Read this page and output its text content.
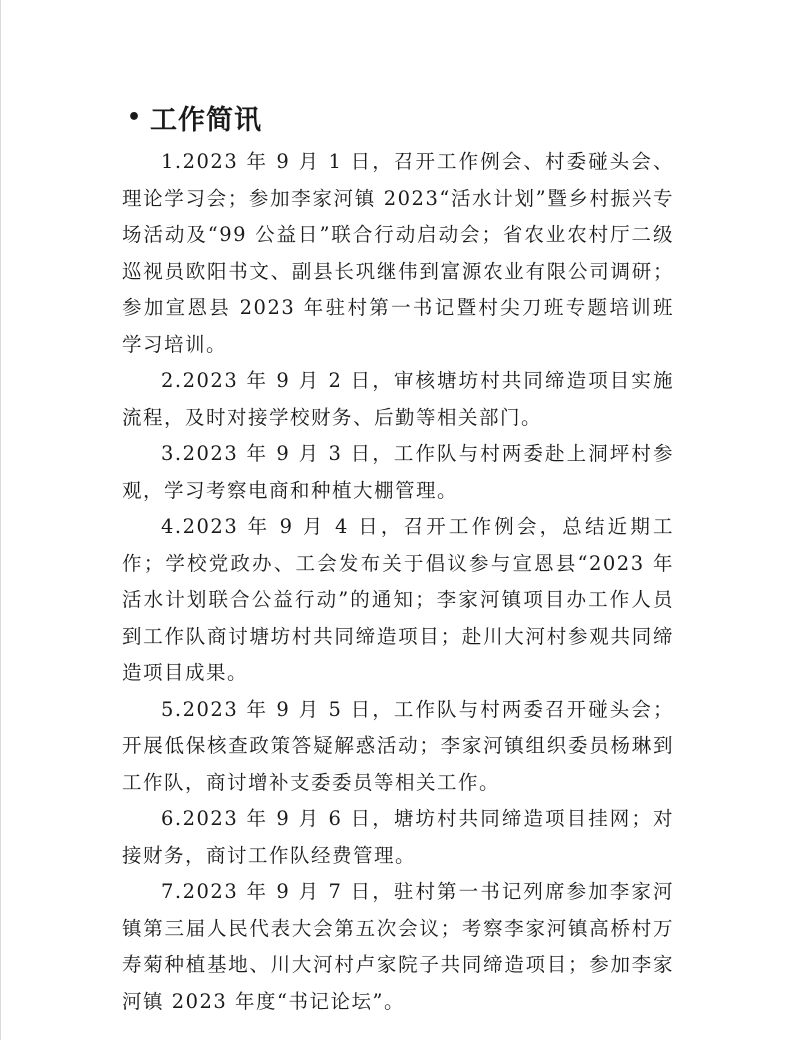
• 工作简讯

1.2023 年 9 月 1 日，召开工作例会、村委碰头会、理论学习会；参加李家河镇 2023“活水计划”暨乡村振兴专场活动及“99 公益日”联合行动启动会；省农业农村厅二级巡视员欧阳书文、副县长巩继伟到富源农业有限公司调研；参加宣恩县 2023 年驻村第一书记暨村尖刀班专题培训班学习培训。

2.2023 年 9 月 2 日，审核塘坊村共同缔造项目实施流程，及时对接学校财务、后勤等相关部门。

3.2023 年 9 月 3 日，工作队与村两委赴上洞坪村参观，学习考察电商和种植大棚管理。

4.2023 年 9 月 4 日，召开工作例会，总结近期工作；学校党政办、工会发布关于倡议参与宣恩县“2023 年活水计划联合公益行动”的通知；李家河镇项目办工作人员到工作队商讨塘坊村共同缔造项目；赴川大河村参观共同缔造项目成果。

5.2023 年 9 月 5 日，工作队与村两委召开碰头会；开展低保核查政策答疑解惑活动；李家河镇组织委员杨琳到工作队，商讨增补支委委员等相关工作。

6.2023 年 9 月 6 日，塘坊村共同缔造项目挂网；对接财务，商讨工作队经费管理。

7.2023 年 9 月 7 日，驻村第一书记列席参加李家河镇第三届人民代表大会第五次会议；考察李家河镇高桥村万寿菊种植基地、川大河村卢家院子共同缔造项目；参加李家河镇 2023 年度“书记论坛”。
